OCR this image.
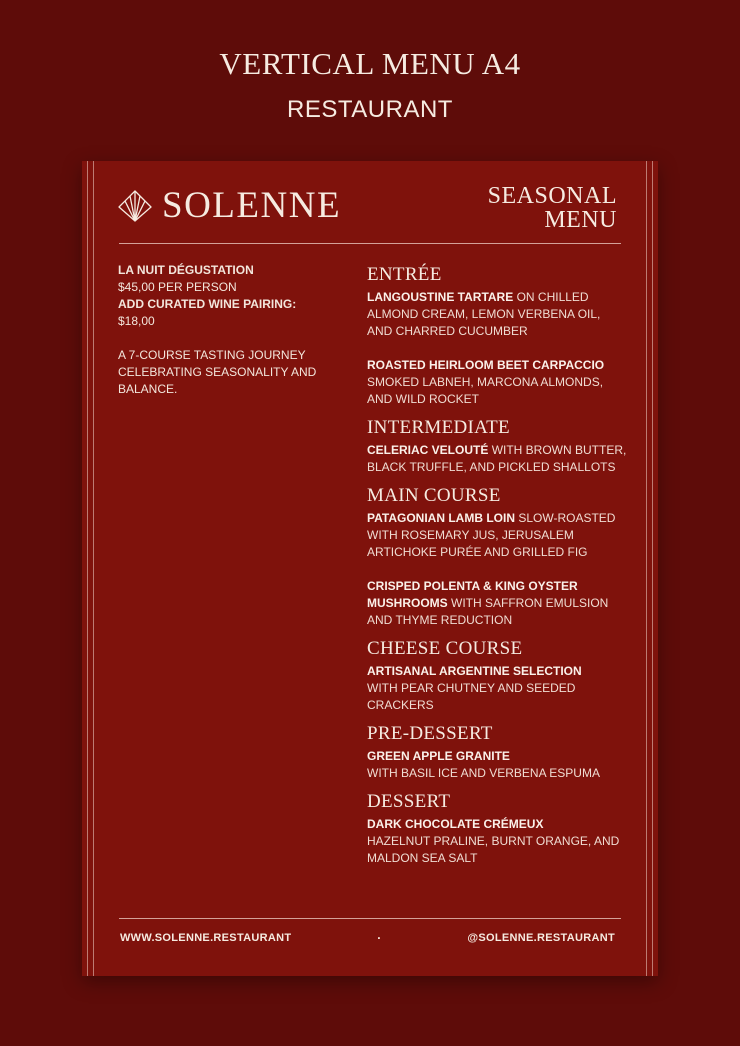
VERTICAL MENU A4
RESTAURANT
SOLENNE	SEASONAL
MENU
LA NUIT DÉGUSTATION
$45,00 PER PERSON
ADD CURATED WINE PAIRING:
$18,00
A 7-COURSE TASTING JOURNEY CELEBRATING SEASONALITY AND BALANCE.
ENTRÉE
LANGOUSTINE TARTARE ON CHILLED ALMOND CREAM, LEMON VERBENA OIL, AND CHARRED CUCUMBER
ROASTED HEIRLOOM BEET CARPACCIO
SMOKED LABNEH, MARCONA ALMONDS, AND WILD ROCKET
INTERMEDIATE
CELERIAC VELOUTÉ WITH BROWN BUTTER, BLACK TRUFFLE, AND PICKLED SHALLOTS
MAIN COURSE
PATAGONIAN LAMB LOIN SLOW-ROASTED WITH ROSEMARY JUS, JERUSALEM ARTICHOKE PURÉE AND GRILLED FIG
CRISPED POLENTA & KING OYSTER MUSHROOMS WITH SAFFRON EMULSION AND THYME REDUCTION
CHEESE COURSE
ARTISANAL ARGENTINE SELECTION
WITH PEAR CHUTNEY AND SEEDED CRACKERS
PRE-DESSERT
GREEN APPLE GRANITE
WITH BASIL ICE AND VERBENA ESPUMA
DESSERT
DARK CHOCOLATE CRÉMEUX
HAZELNUT PRALINE, BURNT ORANGE, AND MALDON SEA SALT
WWW.SOLENNE.RESTAURANT	·	@SOLENNE.RESTAURANT
